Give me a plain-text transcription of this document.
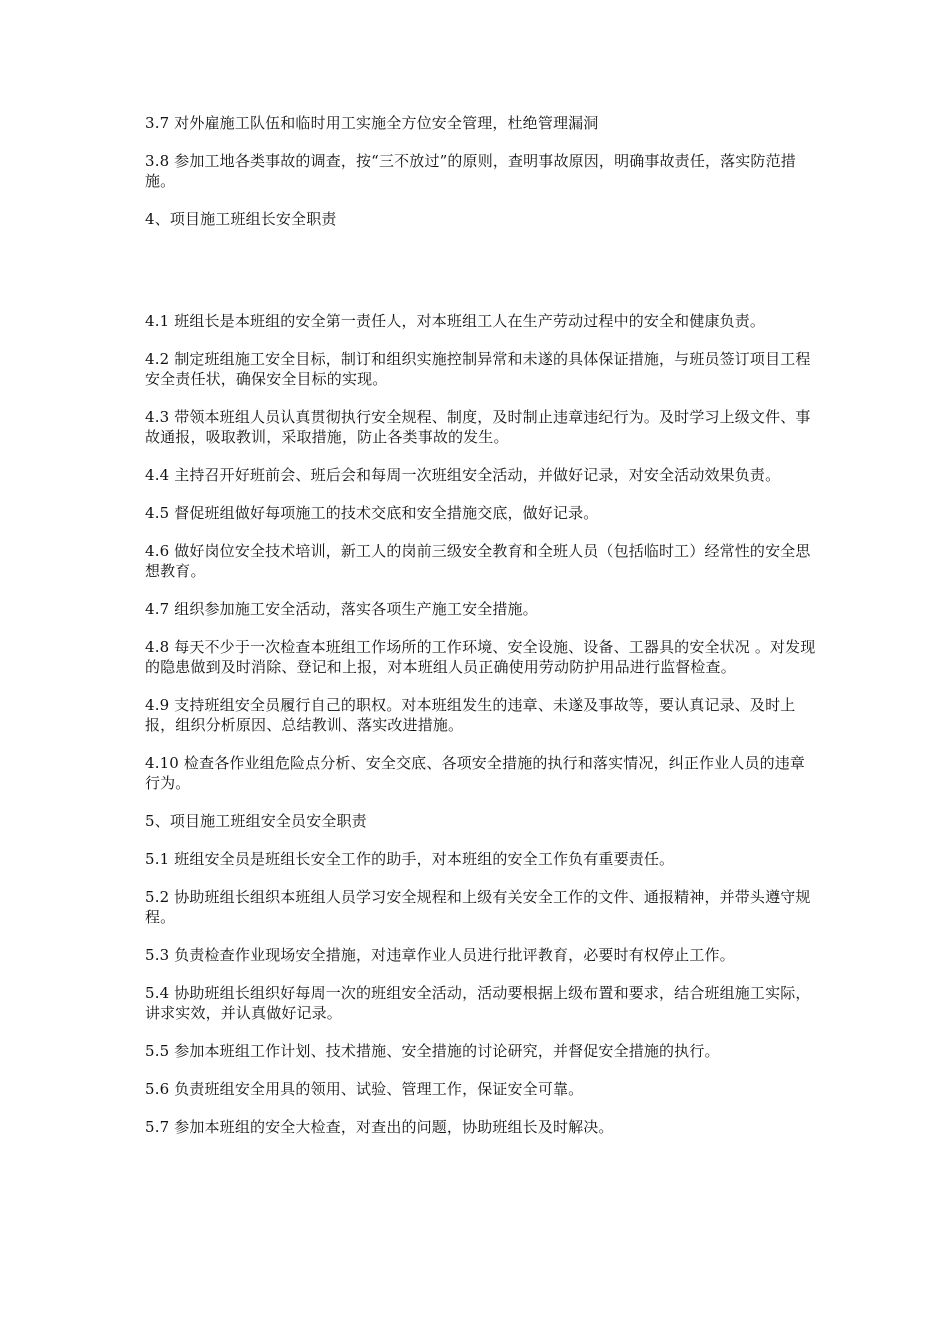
3.7 对外雇施工队伍和临时用工实施全方位安全管理，杜绝管理漏洞

3.8 参加工地各类事故的调查，按“三不放过”的原则，查明事故原因，明确事故责任，落实防范措施。

4、项目施工班组长安全职责

4.1 班组长是本班组的安全第一责任人，对本班组工人在生产劳动过程中的安全和健康负责。

4.2 制定班组施工安全目标，制订和组织实施控制异常和未遂的具体保证措施，与班员签订项目工程安全责任状，确保安全目标的实现。

4.3 带领本班组人员认真贯彻执行安全规程、制度，及时制止违章违纪行为。及时学习上级文件、事故通报，吸取教训，采取措施，防止各类事故的发生。

4.4 主持召开好班前会、班后会和每周一次班组安全活动，并做好记录，对安全活动效果负责。

4.5 督促班组做好每项施工的技术交底和安全措施交底，做好记录。

4.6 做好岗位安全技术培训，新工人的岗前三级安全教育和全班人员（包括临时工）经常性的安全思想教育。

4.7 组织参加施工安全活动，落实各项生产施工安全措施。

4.8 每天不少于一次检查本班组工作场所的工作环境、安全设施、设备、工器具的安全状况 。对发现的隐患做到及时消除、登记和上报，对本班组人员正确使用劳动防护用品进行监督检查。

4.9 支持班组安全员履行自己的职权。对本班组发生的违章、未遂及事故等，要认真记录、及时上报，组织分析原因、总结教训、落实改进措施。

4.10 检查各作业组危险点分析、安全交底、各项安全措施的执行和落实情况，纠正作业人员的违章行为。

5、项目施工班组安全员安全职责

5.1 班组安全员是班组长安全工作的助手，对本班组的安全工作负有重要责任。

5.2 协助班组长组织本班组人员学习安全规程和上级有关安全工作的文件、通报精神，并带头遵守规程。

5.3 负责检查作业现场安全措施，对违章作业人员进行批评教育，必要时有权停止工作。

5.4 协助班组长组织好每周一次的班组安全活动，活动要根据上级布置和要求，结合班组施工实际，讲求实效，并认真做好记录。

5.5 参加本班组工作计划、技术措施、安全措施的讨论研究，并督促安全措施的执行。

5.6 负责班组安全用具的领用、试验、管理工作，保证安全可靠。

5.7 参加本班组的安全大检查，对查出的问题，协助班组长及时解决。
